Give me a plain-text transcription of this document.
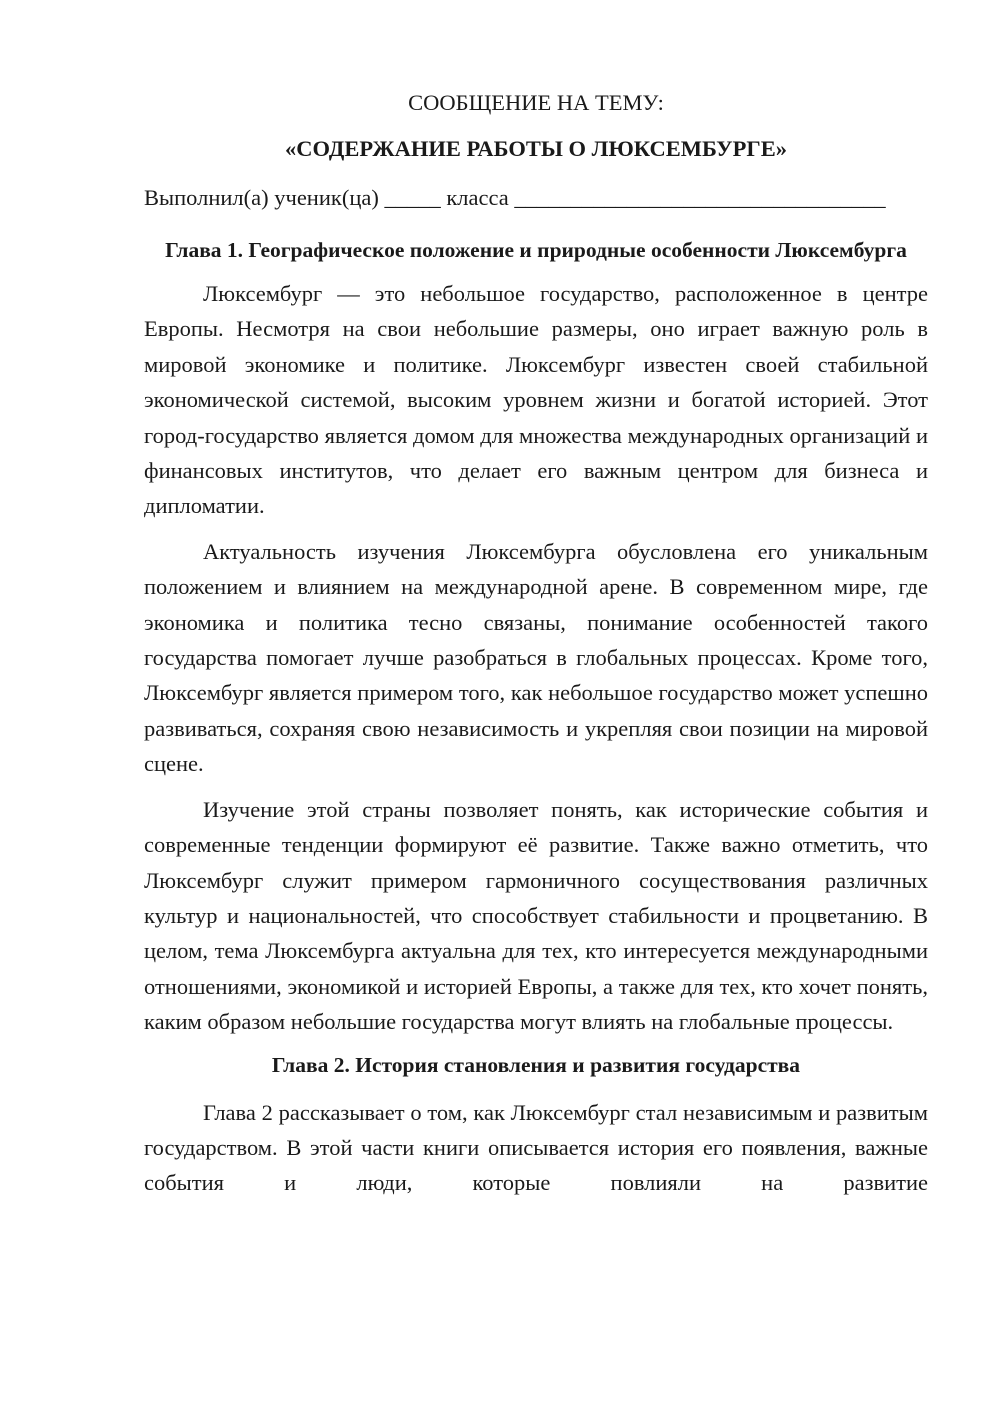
СООБЩЕНИЕ НА ТЕМУ:

«СОДЕРЖАНИЕ РАБОТЫ О ЛЮКСЕМБУРГЕ»

Выполнил(а) ученик(ца) _____ класса _________________________________
Глава 1. Географическое положение и природные особенности Люксембурга

Люксембург — это небольшое государство, расположенное в центре Европы. Несмотря на свои небольшие размеры, оно играет важную роль в мировой экономике и политике. Люксембург известен своей стабильной экономической системой, высоким уровнем жизни и богатой историей. Этот город-государство является домом для множества международных организаций и финансовых институтов, что делает его важным центром для бизнеса и дипломатии.

Актуальность изучения Люксембурга обусловлена его уникальным положением и влиянием на международной арене. В современном мире, где экономика и политика тесно связаны, понимание особенностей такого государства помогает лучше разобраться в глобальных процессах. Кроме того, Люксембург является примером того, как небольшое государство может успешно развиваться, сохраняя свою независимость и укрепляя свои позиции на мировой сцене.

Изучение этой страны позволяет понять, как исторические события и современные тенденции формируют её развитие. Также важно отметить, что Люксембург служит примером гармоничного сосуществования различных культур и национальностей, что способствует стабильности и процветанию. В целом, тема Люксембурга актуальна для тех, кто интересуется международными отношениями, экономикой и историей Европы, а также для тех, кто хочет понять, каким образом небольшие государства могут влиять на глобальные процессы.

Глава 2. История становления и развития государства

Глава 2 рассказывает о том, как Люксембург стал независимым и развитым государством. В этой части книги описывается история его появления, важные события и люди, которые повлияли на развитие
